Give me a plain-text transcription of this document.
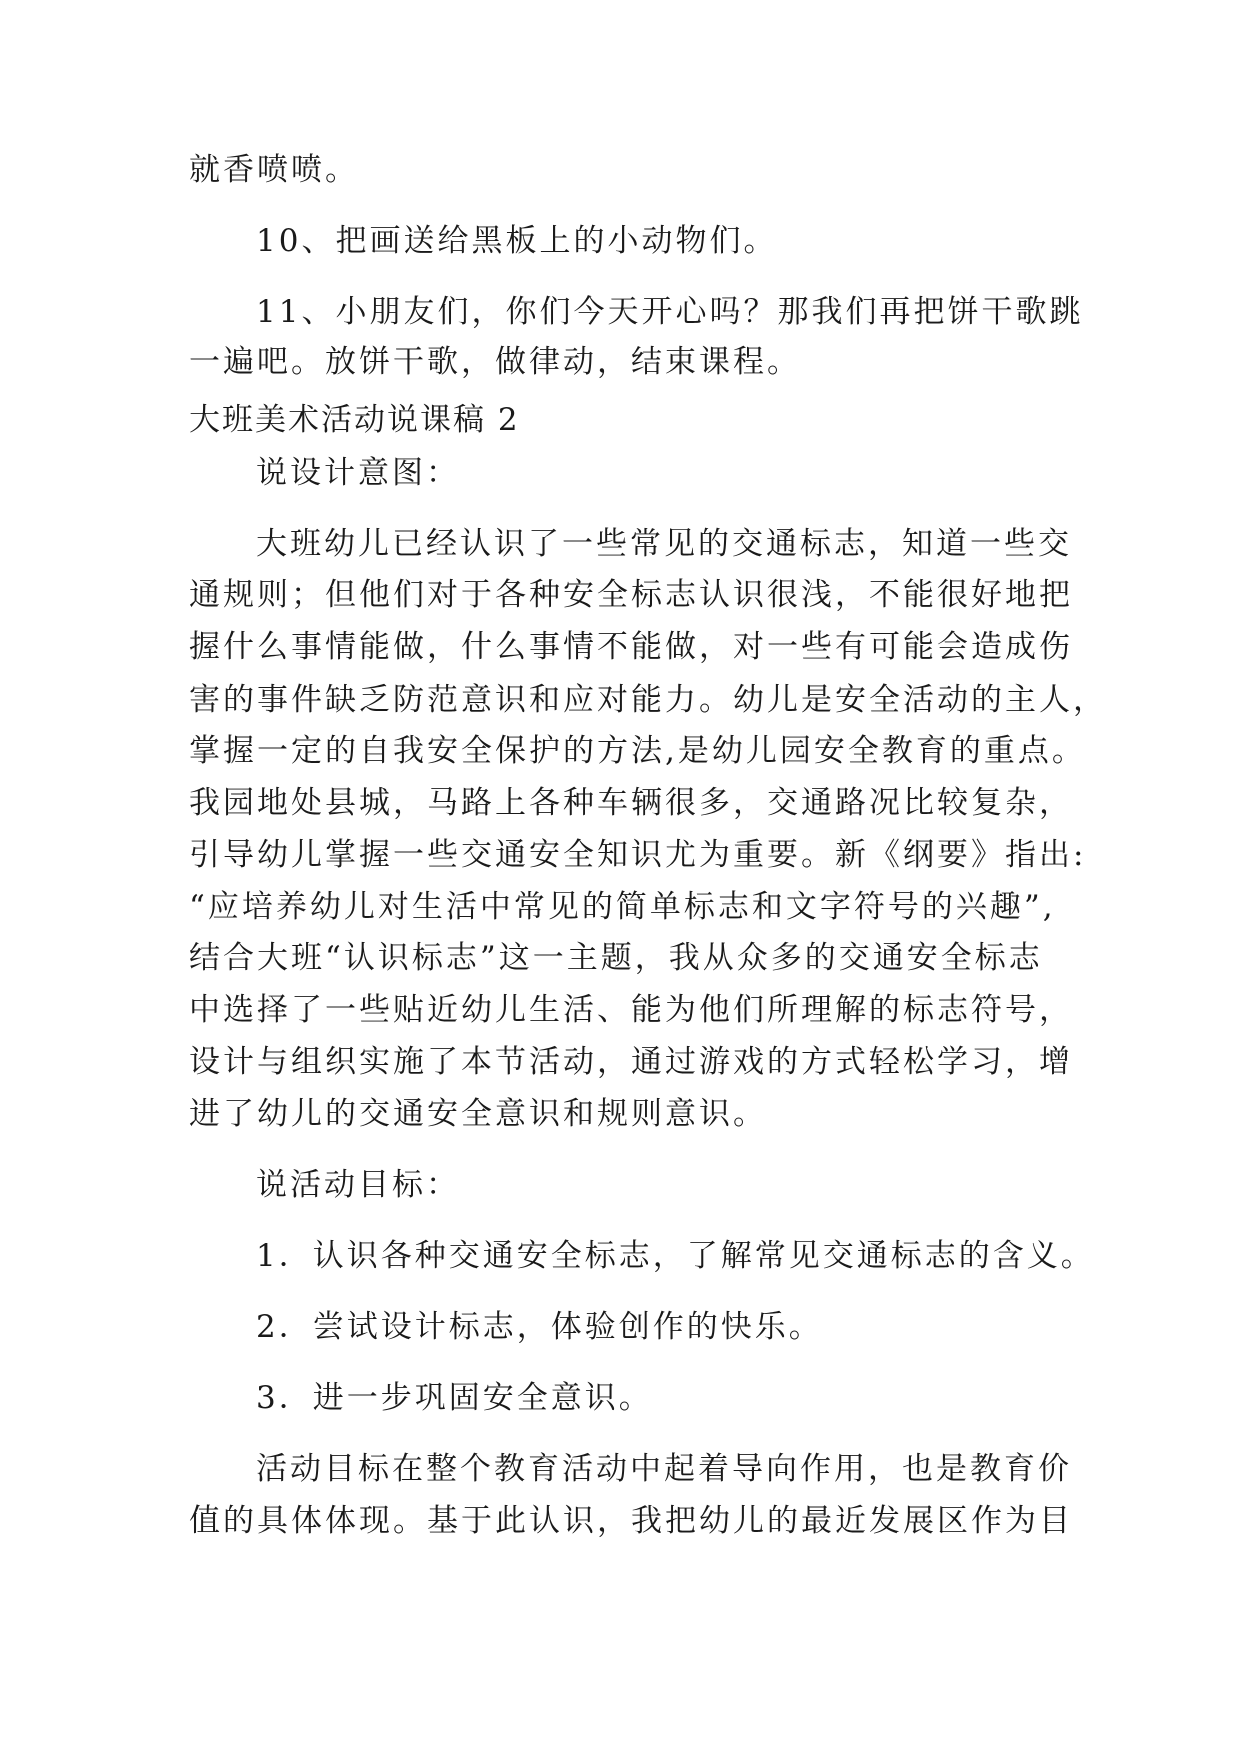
就香喷喷。
10、把画送给黑板上的小动物们。
11、小朋友们，你们今天开心吗？那我们再把饼干歌跳
一遍吧。放饼干歌，做律动，结束课程。
大班美术活动说课稿 2
说设计意图：
大班幼儿已经认识了一些常见的交通标志，知道一些交
通规则；但他们对于各种安全标志认识很浅，不能很好地把
握什么事情能做，什么事情不能做，对一些有可能会造成伤
害的事件缺乏防范意识和应对能力。幼儿是安全活动的主人，
掌握一定的自我安全保护的方法,是幼儿园安全教育的重点。
我园地处县城，马路上各种车辆很多，交通路况比较复杂，
引导幼儿掌握一些交通安全知识尤为重要。新《纲要》指出:
“应培养幼儿对生活中常见的简单标志和文字符号的兴趣”,
结合大班“认识标志”这一主题，我从众多的交通安全标志
中选择了一些贴近幼儿生活、能为他们所理解的标志符号，
设计与组织实施了本节活动，通过游戏的方式轻松学习，增
进了幼儿的交通安全意识和规则意识。
说活动目标：
1．认识各种交通安全标志，了解常见交通标志的含义。
2．尝试设计标志，体验创作的快乐。
3．进一步巩固安全意识。
活动目标在整个教育活动中起着导向作用，也是教育价
值的具体体现。基于此认识，我把幼儿的最近发展区作为目
